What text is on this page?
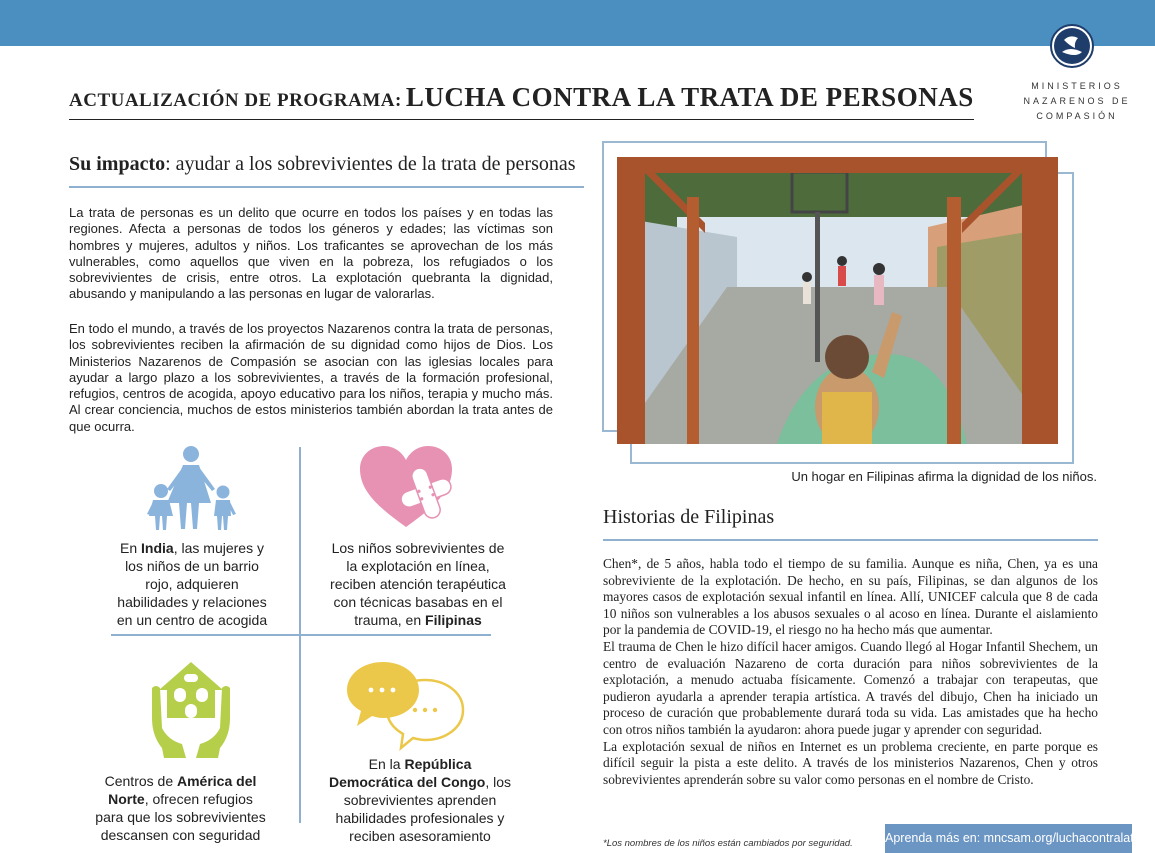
MINISTERIOS
NAZARENOS DE
COMPASIÓN
ACTUALIZACIÓN DE PROGRAMA: LUCHA CONTRA LA TRATA DE PERSONAS
Su impacto: ayudar a los sobrevivientes de la trata de personas
La trata de personas es un delito que ocurre en todos los países y en todas las regiones. Afecta a personas de todos los géneros y edades; las víctimas son hombres y mujeres, adultos y niños. Los traficantes se aprovechan de los más vulnerables, como aquellos que viven en la pobreza, los refugiados o los sobrevivientes de crisis, entre otros. La explotación quebranta la dignidad, abusando y manipulando a las personas en lugar de valorarlas.
En todo el mundo, a través de los proyectos Nazarenos contra la trata de personas, los sobrevivientes reciben la afirmación de su dignidad como hijos de Dios. Los Ministerios Nazarenos de Compasión se asocian con las iglesias locales para ayudar a largo plazo a los sobrevivientes, a través de la formación profesional, refugios, centros de acogida, apoyo educativo para los niños, terapia y mucho más. Al crear conciencia, muchos de estos ministerios también abordan la trata antes de que ocurra.
En India, las mujeres y los niños de un barrio rojo, adquieren habilidades y relaciones en un centro de acogida
Los niños sobrevivientes de la explotación en línea, reciben atención terapéutica con técnicas basabas en el trauma, en Filipinas
Centros de América del Norte, ofrecen refugios para que los sobrevivientes descansen con seguridad
En la República Democrática del Congo, los sobrevivientes aprenden habilidades profesionales y reciben asesoramiento
Un hogar en Filipinas afirma la dignidad de los niños.
Historias de Filipinas

Chen*, de 5 años, habla todo el tiempo de su familia. Aunque es niña, Chen, ya es una sobreviviente de la explotación. De hecho, en su país, Filipinas, se dan algunos de los mayores casos de explotación sexual infantil en línea. Allí, UNICEF calcula que 8 de cada 10 niños son vulnerables a los abusos sexuales o al acoso en línea. Durante el aislamiento por la pandemia de COVID-19, el riesgo no ha hecho más que aumentar.

El trauma de Chen le hizo difícil hacer amigos. Cuando llegó al Hogar Infantil Shechem, un centro de evaluación Nazareno de corta duración para niños sobrevivientes de la explotación, a menudo actuaba físicamente. Comenzó a trabajar con terapeutas, que pudieron ayudarla a aprender terapia artística. A través del dibujo, Chen ha iniciado un proceso de curación que probablemente durará toda su vida. Las amistades que ha hecho con otros niños también la ayudaron: ahora puede jugar y aprender con seguridad.

La explotación sexual de niños en Internet es un problema creciente, en parte porque es difícil seguir la pista a este delito. A través de los ministerios Nazarenos, Chen y otros sobrevivientes aprenderán sobre su valor como personas en el nombre de Cristo.

*Los nombres de los niños están cambiados por seguridad.	Aprenda más en: mncsam.org/luchacontralatrata
